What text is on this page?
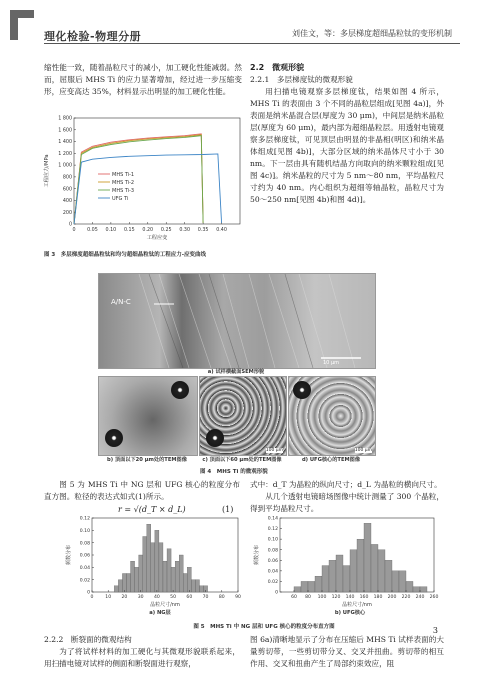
理化检验-物理分册	刘佳文，等：多层梯度超细晶粒钛的变形机制

缩性能一致，随着晶粒尺寸的减小，加工硬化性能减弱。然而，屈服后 MHS Ti 的应力显著增加，经过进一步压缩变形，应变高达 35%，材料显示出明显的加工硬化性能。

0 0.05 0.10 0.15 0.20 0.25 0.30 0.35 0.40
0
200
400
600
800
1 000
1 200
1 400
1 600
1 800
工程应变
工程应力/MPa	MHS Ti-1
MHS Ti-2
MHS Ti-3
UFG Ti
图 3　多层梯度超细晶粒钛和均匀超细晶粒钛的工程应力-应变曲线

2.2　微观形貌

2.2.1　多层梯度钛的微观形貌

用扫描电镜观察多层梯度钛，结果如图 4 所示，MHS Ti 的表面由 3 个不同的晶粒层组成[见图 4a)]，外表面是纳米晶混合层(厚度为 30 μm)，中间层是纳米晶粒层(厚度为 60 μm)，最内部为超细晶粒层。用透射电镜观察多层梯度钛，可见顶层由明显的非晶相(明区)和纳米晶体组成[见图 4b)]，大部分区域的纳米晶体尺寸小于 30 nm。下一层由具有随机结晶方向取向的纳米颗粒组成[见图 4c)]。纳米晶粒的尺寸为 5 nm～80 nm，平均晶粒尺寸约为 40 nm。内心组织为超细等轴晶粒，晶粒尺寸为 50～250 nm[见图 4b)和图 4d)]。

A/N-C
10 μm
a) 试样横截面SEM形貌
b) 顶面以下20 μm处的TEM图像
100 μm
c) 顶面以下60 μm处的TEM图像
100 μm
d) UFG核心的TEM图像
图 4　MHS Ti 的微观形貌

图 5 为 MHS Ti 中 NG 层和 UFG 核心的粒度分布直方图。粒径的表达式如式(1)所示。

r = √(d_T × d_L)	(1)

式中：d_T 为晶粒的纵向尺寸；d_L 为晶粒的横向尺寸。

从几个透射电镜暗场图像中统计测量了 300 个晶粒，得到平均晶粒尺寸。

0	10 20 30 40 50 60 70 80 90
0
0.02
0.04
0.06
0.08
0.10
0.12
晶粒尺寸/nm
频数分布
60 80 100 120 140 160 180 200 220 240 260
0
0.02
0.04
0.06
0.08
0.10
0.12
0.14
晶粒尺寸/nm
频数分布
a) NG层	b) UFG核心
图 5　MHS Ti 中 NG 层和 UFG 核心的粒度分布直方图

2.2.2　断裂面的微观结构

为了将试样材料的加工硬化与其微观形貌联系起来，用扫描电镜对试样的侧面和断裂面进行观察，

图 6a)清晰地显示了分布在压缩后 MHS Ti 试样表面的大量剪切带，一些剪切带分叉、交叉并扭曲。剪切带的相互作用、交叉和扭曲产生了局部约束效应，阻

3
